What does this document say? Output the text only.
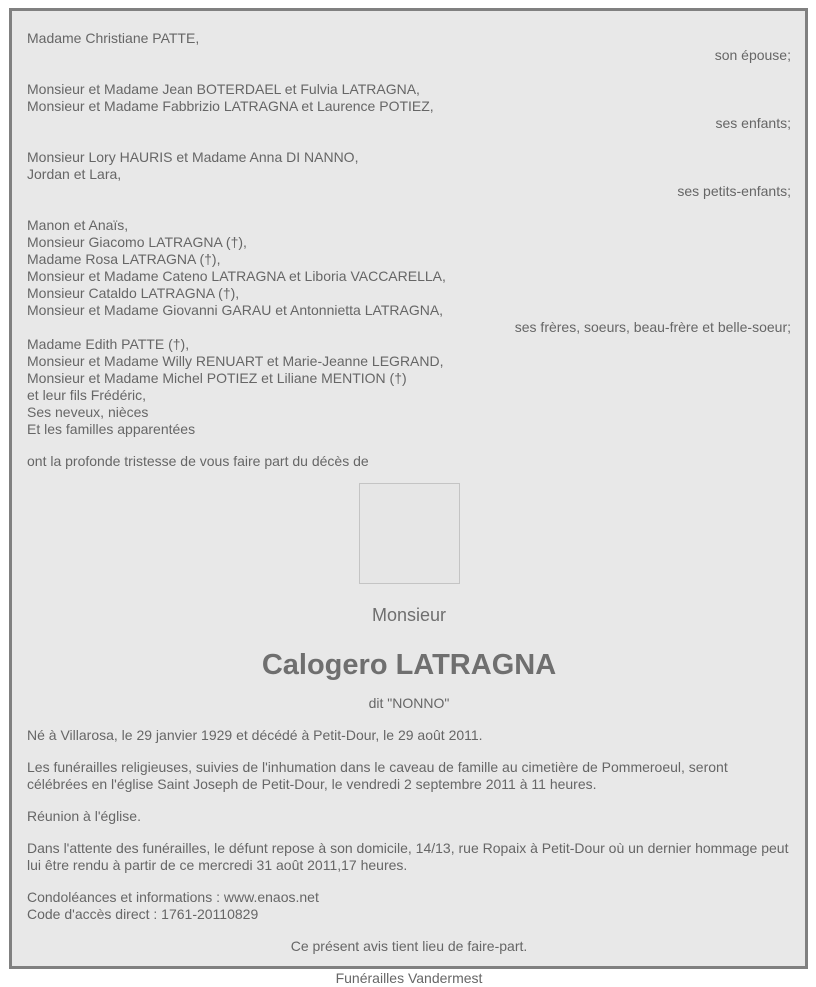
Madame Christiane PATTE,
son épouse;
Monsieur et Madame Jean BOTERDAEL et Fulvia LATRAGNA,
Monsieur et Madame Fabbrizio LATRAGNA et Laurence POTIEZ,
ses enfants;
Monsieur Lory HAURIS et Madame Anna DI NANNO,
Jordan et Lara,
ses petits-enfants;
Manon et Anaïs,
Monsieur Giacomo LATRAGNA (†),
Madame Rosa LATRAGNA (†),
Monsieur et Madame Cateno LATRAGNA et Liboria VACCARELLA,
Monsieur Cataldo LATRAGNA (†),
Monsieur et Madame Giovanni GARAU et Antonnietta LATRAGNA,
ses frères, soeurs, beau-frère et belle-soeur;
Madame Edith PATTE (†),
Monsieur et Madame Willy RENUART et Marie-Jeanne LEGRAND,
Monsieur et Madame Michel POTIEZ et Liliane MENTION (†)
et leur fils Frédéric,
Ses neveux, nièces
Et les familles apparentées
ont la profonde tristesse de vous faire part du décès de
Monsieur
Calogero LATRAGNA
dit "NONNO"
Né à Villarosa, le 29 janvier 1929 et décédé à Petit-Dour, le 29 août 2011.
Les funérailles religieuses, suivies de l'inhumation dans le caveau de famille au cimetière de Pommeroeul, seront célébrées en l'église Saint Joseph de Petit-Dour, le vendredi 2 septembre 2011 à 11 heures.
Réunion à l'église.
Dans l'attente des funérailles, le défunt repose à son domicile, 14/13, rue Ropaix à Petit-Dour où un dernier hommage peut lui être rendu à partir de ce mercredi 31 août 2011,17 heures.
Condoléances et informations : www.enaos.net
Code d'accès direct : 1761-20110829
Ce présent avis tient lieu de faire-part.
Funérailles Vandermest
